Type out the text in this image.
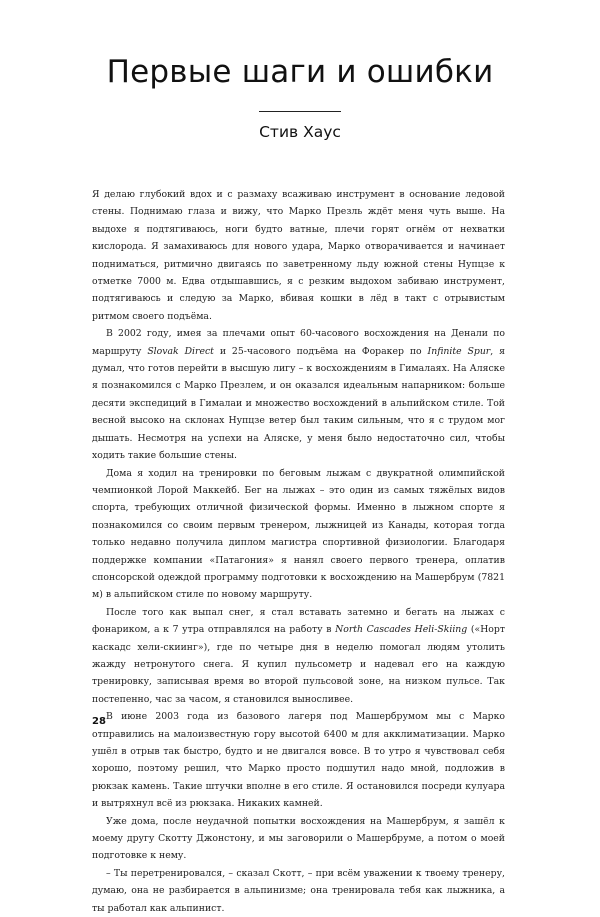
Первые шаги и ошибки
Стив Хаус

Я делаю глубокий вдох и с размаху всаживаю инструмент в основание ледовой стены. Поднимаю глаза и вижу, что Марко Презль ждёт меня чуть выше. На выдохе я подтягиваюсь, ноги будто ватные, плечи горят огнём от нехватки кислорода. Я замахиваюсь для нового удара, Марко отворачивается и начинает подниматься, ритмично двигаясь по заветренному льду южной стены Нупцзе к отметке 7000 м. Едва отдышавшись, я с резким выдохом забиваю инструмент, подтягиваюсь и следую за Марко, вбивая кошки в лёд в такт с отрывистым ритмом своего подъёма.

В 2002 году, имея за плечами опыт 60-часового восхождения на Денали по маршруту Slovak Direct и 25-часового подъёма на Форакер по Infinite Spur, я думал, что готов перейти в высшую лигу – к восхождениям в Гималаях. На Аляске я познакомился с Марко Презлем, и он оказался идеальным напарником: больше десяти экспедиций в Гималаи и множество восхождений в альпийском стиле. Той весной высоко на склонах Нупцзе ветер был таким сильным, что я с трудом мог дышать. Несмотря на успехи на Аляске, у меня было недостаточно сил, чтобы ходить такие большие стены.

Дома я ходил на тренировки по беговым лыжам с двукратной олимпийской чемпионкой Лорой Маккейб. Бег на лыжах – это один из самых тяжёлых видов спорта, требующих отличной физической формы. Именно в лыжном спорте я познакомился со своим первым тренером, лыжницей из Канады, которая тогда только недавно получила диплом магистра спортивной физиологии. Благодаря поддержке компании «Патагония» я нанял своего первого тренера, оплатив спонсорской одеждой программу подготовки к восхождению на Машербрум (7821 м) в альпийском стиле по новому маршруту.

После того как выпал снег, я стал вставать затемно и бегать на лыжах с фонариком, а к 7 утра отправлялся на работу в North Cascades Heli-Skiing («Норт каскадс хели-скиинг»), где по четыре дня в неделю помогал людям утолить жажду нетронутого снега. Я купил пульсометр и надевал его на каждую тренировку, записывая время во второй пульсовой зоне, на низком пульсе. Так постепенно, час за часом, я становился выносливее.

В июне 2003 года из базового лагеря под Машербрумом мы с Марко отправились на малоизвестную гору высотой 6400 м для акклиматизации. Марко ушёл в отрыв так быстро, будто и не двигался вовсе. В то утро я чувствовал себя хорошо, поэтому решил, что Марко просто подшутил надо мной, подложив в рюкзак камень. Такие штучки вполне в его стиле. Я остановился посреди кулуара и вытряхнул всё из рюкзака. Никаких камней.

Уже дома, после неудачной попытки восхождения на Машербрум, я зашёл к моему другу Скотту Джонстону, и мы заговорили о Машербруме, а потом о моей подготовке к нему.

– Ты перетренировался, – сказал Скотт, – при всём уважении к твоему тренеру, думаю, она не разбирается в альпинизме; она тренировала тебя как лыжника, а ты работал как альпинист.

28
